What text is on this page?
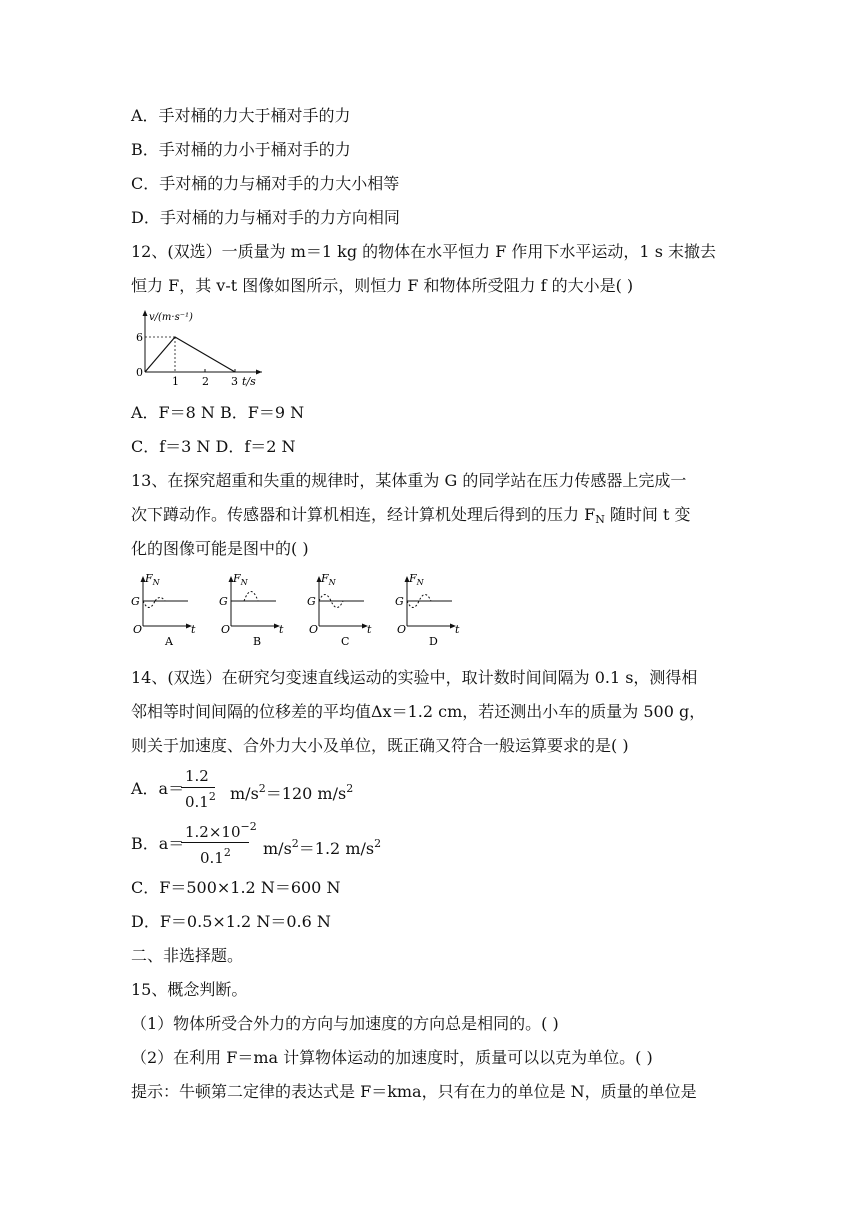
A．手对桶的力大于桶对手的力
B．手对桶的力小于桶对手的力
C．手对桶的力与桶对手的力大小相等
D．手对桶的力与桶对手的力方向相同
12、(双选）一质量为 m＝1 kg 的物体在水平恒力 F 作用下水平运动，1 s 末撤去
恒力 F，其 v-t 图像如图所示，则恒力 F 和物体所受阻力 f 的大小是( )
v/(m·s⁻¹)
6
0
1 2 3 t/s
A．F＝8 N B．F＝9 N
C．f＝3 N D．f＝2 N
13、在探究超重和失重的规律时，某体重为 G 的同学站在压力传感器上完成一
次下蹲动作。传感器和计算机相连，经计算机处理后得到的压力 $F_N$ 随时间 t 变
化的图像可能是图中的( )
$F_N$
G
O	t
A
$F_N$
G
O	t
B
$F_N$
G
O	t
C
$F_N$
G
O	t
D
14、(双选）在研究匀变速直线运动的实验中，取计数时间间隔为 0.1 s，测得相
邻相等时间间隔的位移差的平均值Δx＝1.2 cm，若还测出小车的质量为 500 g，
则关于加速度、合外力大小及单位，既正确又符合一般运算要求的是( )
A．a＝
1.2
$0.1^2$ $m/s^2=120$ $m/s^2$
B．a＝
$1.2\times 10^{-2}$
$0.1^2$ $m/s^2=1.2$ $m/s^2$
C．F＝500×1.2 N＝600 N
D．F＝0.5×1.2 N＝0.6 N
二、非选择题。
15、概念判断。
（1）物体所受合外力的方向与加速度的方向总是相同的。( )
（2）在利用 F＝ma 计算物体运动的加速度时，质量可以以克为单位。( )
提示：牛顿第二定律的表达式是 F＝kma，只有在力的单位是 N，质量的单位是
